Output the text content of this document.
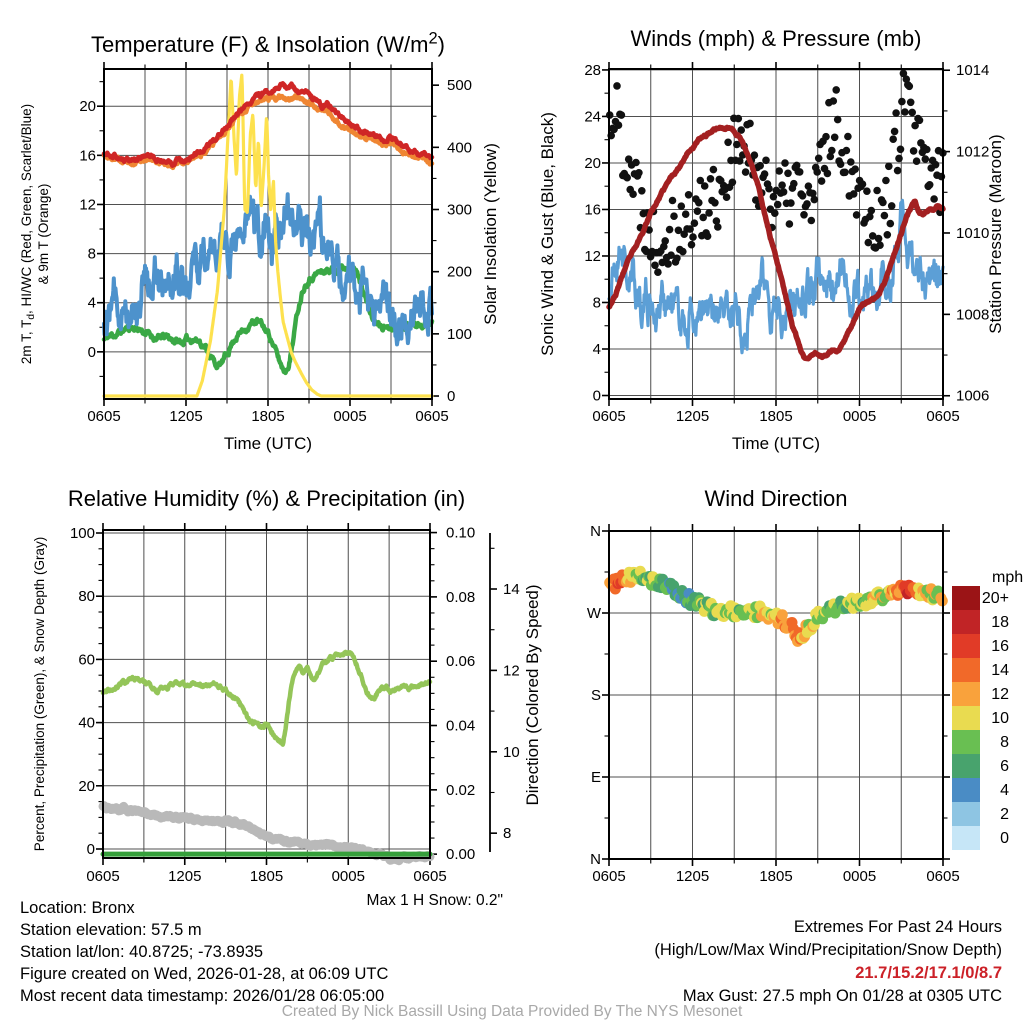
0605	1205	1805	0005	0605
0
4
8
12
16
20
0
100
200
300
400
500
Time (UTC)
2m T, $T_d$, HI/WC (Red, Green, Scarlet/Blue) & 9m T (Orange)	Solar Insolation (Yellow)
Temperature (F) & Insolation $(W/m^2)$
0605	1205	1805	0005	0605
0
4
8
12
16
20
24
28
1006
1008
1010
1012
1014
Time (UTC)
Sonic Wind & Gust (Blue, Black)	Station Pressure (Maroon)
Winds (mph) & Pressure (mb)
0605	1205	1805	0005	0605
0
20
40
60
80
100
0.00
0.02
0.04
0.06
0.08
0.10
8
10
12
14
Percent, Precipitation (Green), & Snow Depth (Gray)
Relative Humidity (%) & Precipitation (in)
0605	1205	1805	0005	0605
N
E
S
W
N
Direction (Colored By Speed)
Wind Direction
mph
20+
18
16
14
12
10
8
6
4
2
0
Location: Bronx
Station elevation: 57.5 m
Station lat/lon: 40.8725; -73.8935
Figure created on Wed, 2026-01-28, at 06:09 UTC
Most recent data timestamp: 2026/01/28 06:05:00
Max 1 H Snow: 0.2"
Extremes For Past 24 Hours
(High/Low/Max Wind/Precipitation/Snow Depth)
21.7/15.2/17.1/0/8.7
Max Gust: 27.5 mph On 01/28 at 0305 UTC
Created By Nick Bassill Using Data Provided By The NYS Mesonet
